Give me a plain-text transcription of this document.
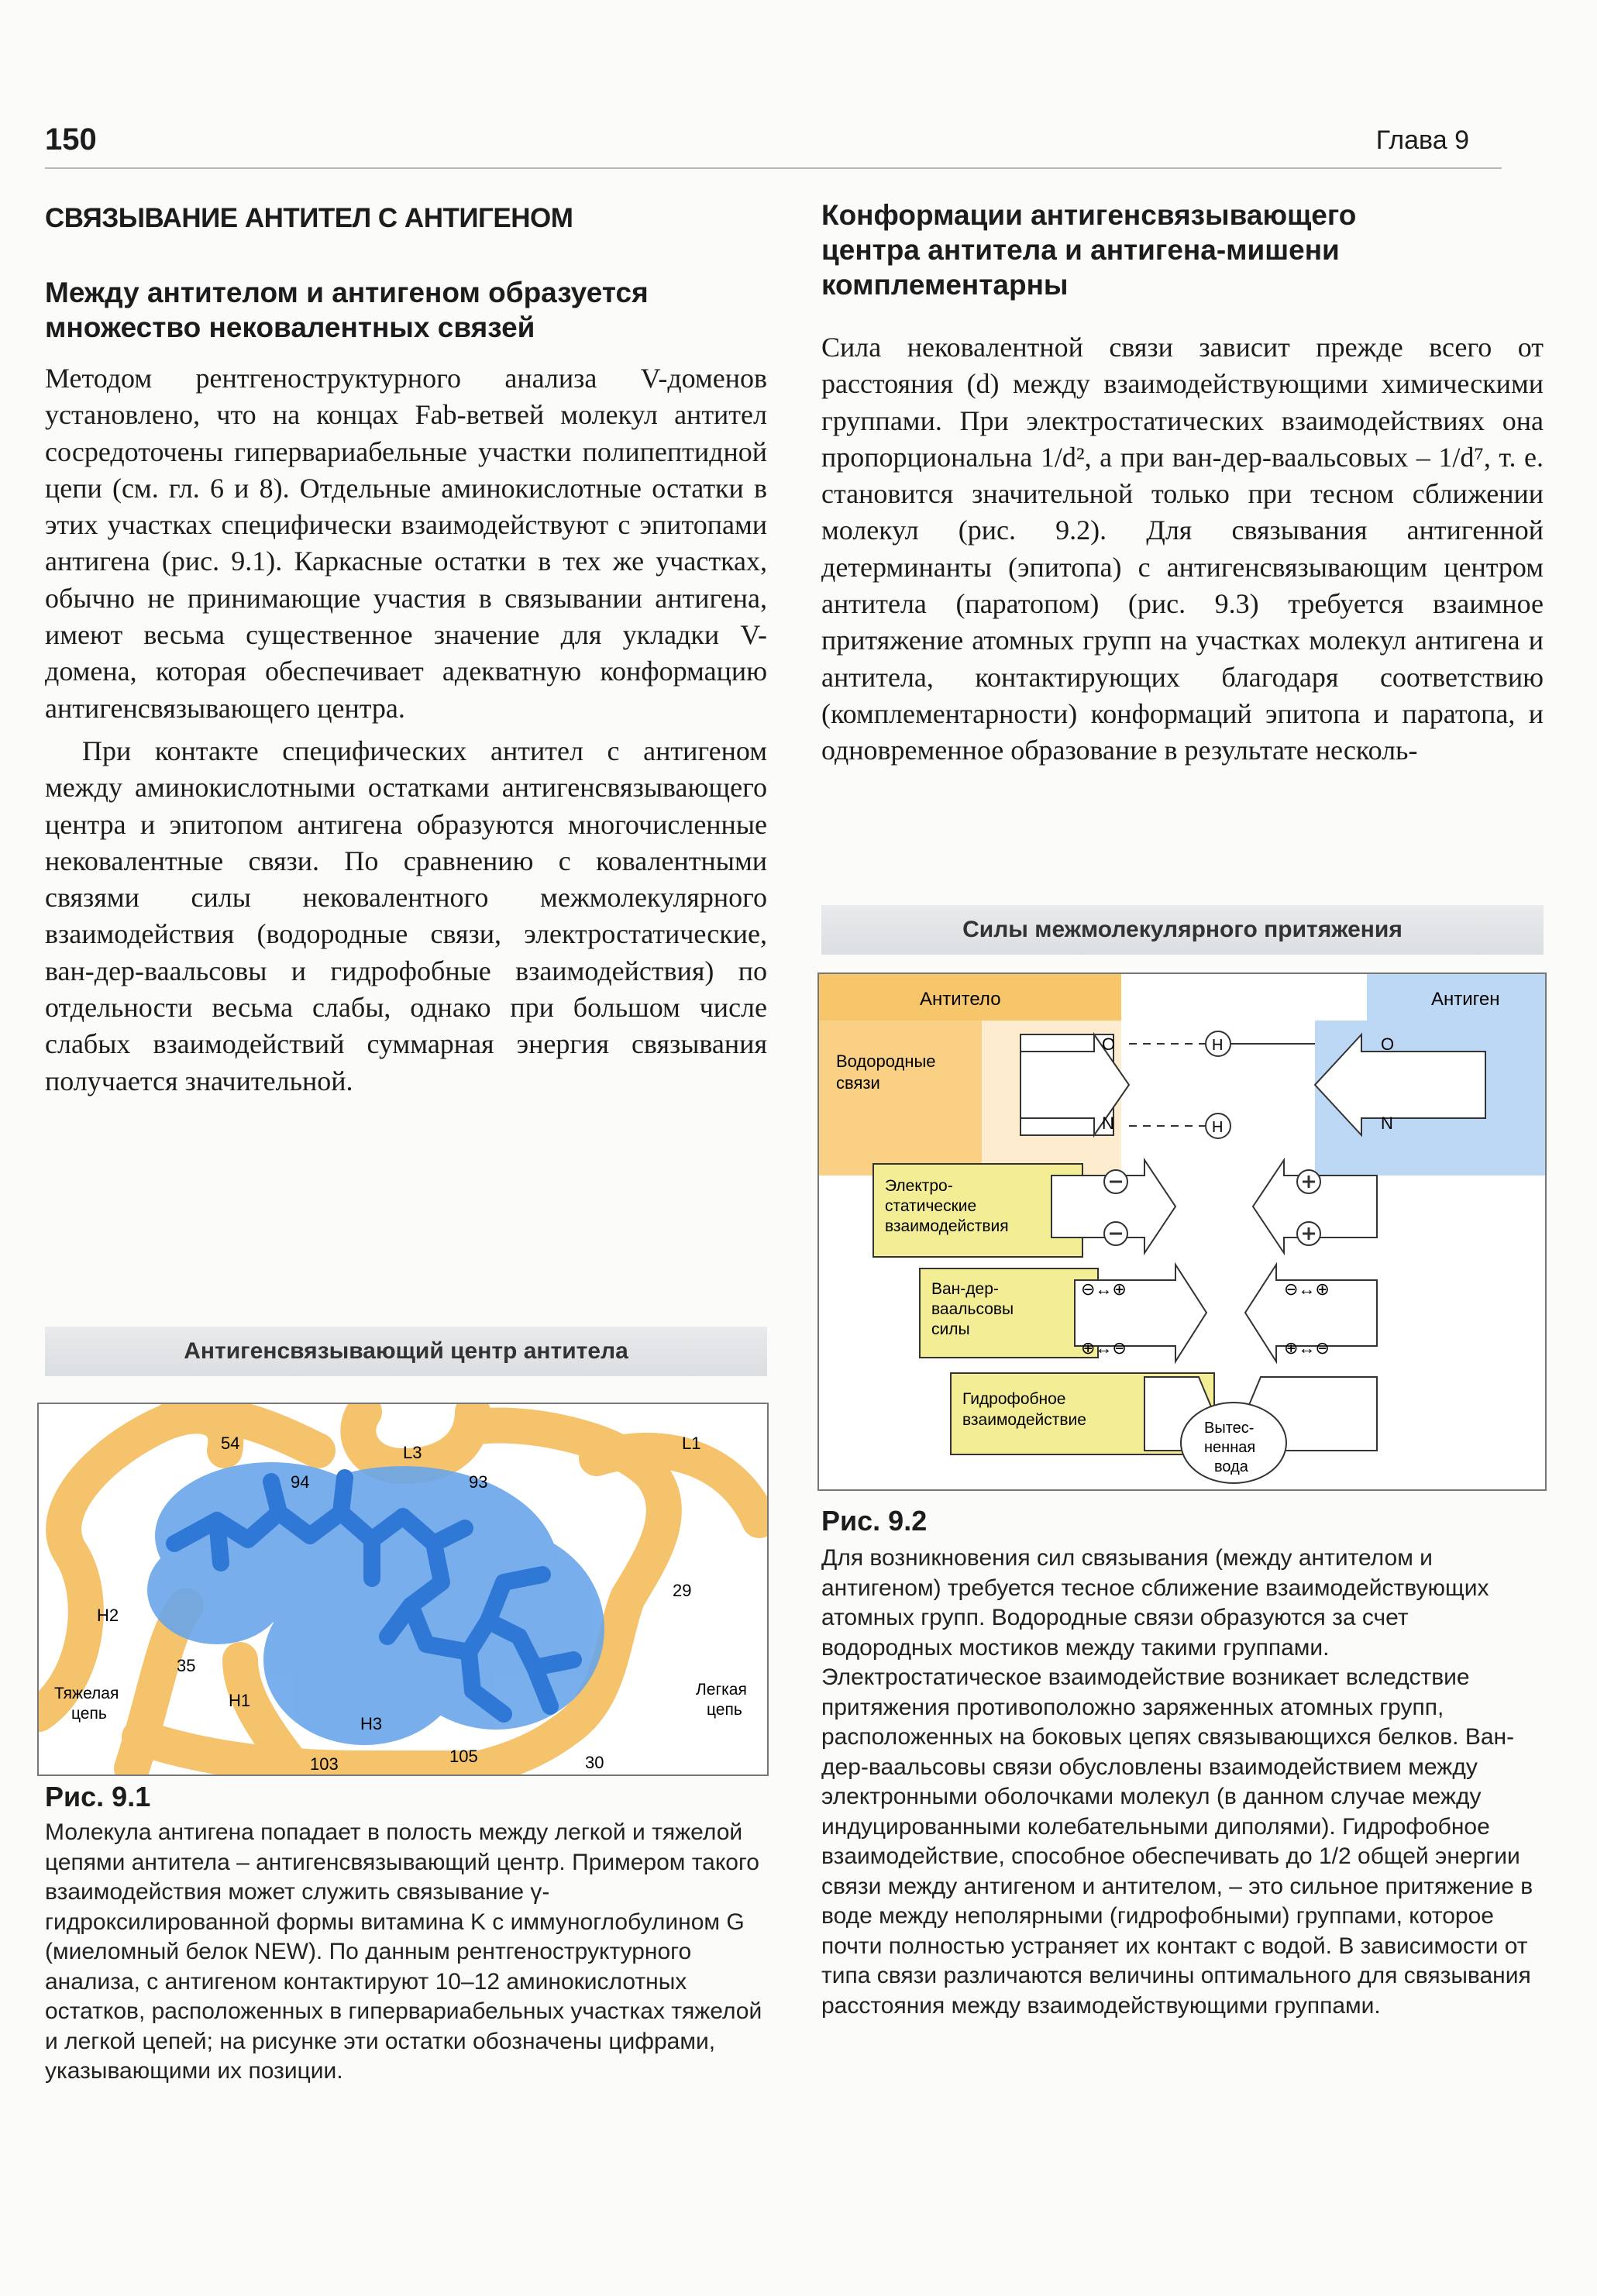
150	Глава 9
СВЯЗЫВАНИЕ АНТИТЕЛ С АНТИГЕНОМ
Между антителом и антигеном образуется
множество нековалентных связей

Методом рентгеноструктурного анализа V-доменов установлено, что на концах Fab-ветвей молекул антител сосредоточены гипервариабельные участки полипептидной цепи (см. гл. 6 и 8). Отдельные аминокислотные остатки в этих участках специфически взаимодействуют с эпитопами антигена (рис. 9.1). Каркасные остатки в тех же участках, обычно не принимающие участия в связывании антигена, имеют весьма существенное значение для укладки V-домена, которая обеспечивает адекватную конформацию антигенсвязывающего центра.

При контакте специфических антител с антигеном между аминокислотными остатками антигенсвязывающего центра и эпитопом антигена образуются многочисленные нековалентные связи. По сравнению с ковалентными связями силы нековалентного межмолекулярного взаимодействия (водородные связи, электростатические, ван-дер-ваальсовы и гидрофобные взаимодействия) по отдельности весьма слабы, однако при большом числе слабых взаимодействий суммарная энергия связывания получается значительной.

Антигенсвязывающий центр антитела
54
94	93
L3	L1
29
H2
35
H1
H3
103	105	30
Тяжелая
цепь
Легкая
цепь
Рис. 9.1
Молекула антигена попадает в полость между легкой и тяжелой цепями антитела – антигенсвязывающий центр. Примером такого взаимодействия может служить связывание γ-гидроксилированной формы витамина K с иммуноглобулином G (миеломный белок NEW). По данным рентгеноструктурного анализа, с антигеном контактируют 10–12 аминокислотных остатков, расположенных в гипервариабельных участках тяжелой и легкой цепей; на рисунке эти остатки обозначены цифрами, указывающими их позиции.
Конформации антигенсвязывающего
центра антитела и антигена-мишени
комплементарны

Сила нековалентной связи зависит прежде всего от расстояния (d) между взаимодействующими химическими группами. При электростатических взаимодействиях она пропорциональна 1/d², а при ван-дер-ваальсовых – 1/d⁷, т. е. становится значительной только при тесном сближении молекул (рис. 9.2). Для связывания антигенной детерминанты (эпитопа) с антигенсвязывающим центром антитела (паратопом) (рис. 9.3) требуется взаимное притяжение атомных групп на участках молекул антигена и антитела, контактирующих благодаря соответствию (комплементарности) конформаций эпитопа и паратопа, и одновременное образование в результате несколь-

Силы межмолекулярного притяжения
Антитело	Антиген
Водородные
связи
O
N
H
H
O
N
Электро-
статические
взаимодействия
Ван-дер-
ваальсовы
силы
⊖↔⊕
⊕↔⊖
⊖↔⊕
⊕↔⊖
Гидрофобное
взаимодействие	Вытес-
ненная
вода
Рис. 9.2
Для возникновения сил связывания (между антителом и антигеном) требуется тесное сближение взаимодействующих атомных групп. Водородные связи образуются за счет водородных мостиков между такими группами. Электростатическое взаимодействие возникает вследствие притяжения противоположно заряженных атомных групп, расположенных на боковых цепях связывающихся белков. Ван-дер-ваальсовы связи обусловлены взаимодействием между электронными оболочками молекул (в данном случае между индуцированными колебательными диполями). Гидрофобное взаимодействие, способное обеспечивать до 1/2 общей энергии связи между антигеном и антителом, – это сильное притяжение в воде между неполярными (гидрофобными) группами, которое почти полностью устраняет их контакт с водой. В зависимости от типа связи различаются величины оптимального для связывания расстояния между взаимодействующими группами.
